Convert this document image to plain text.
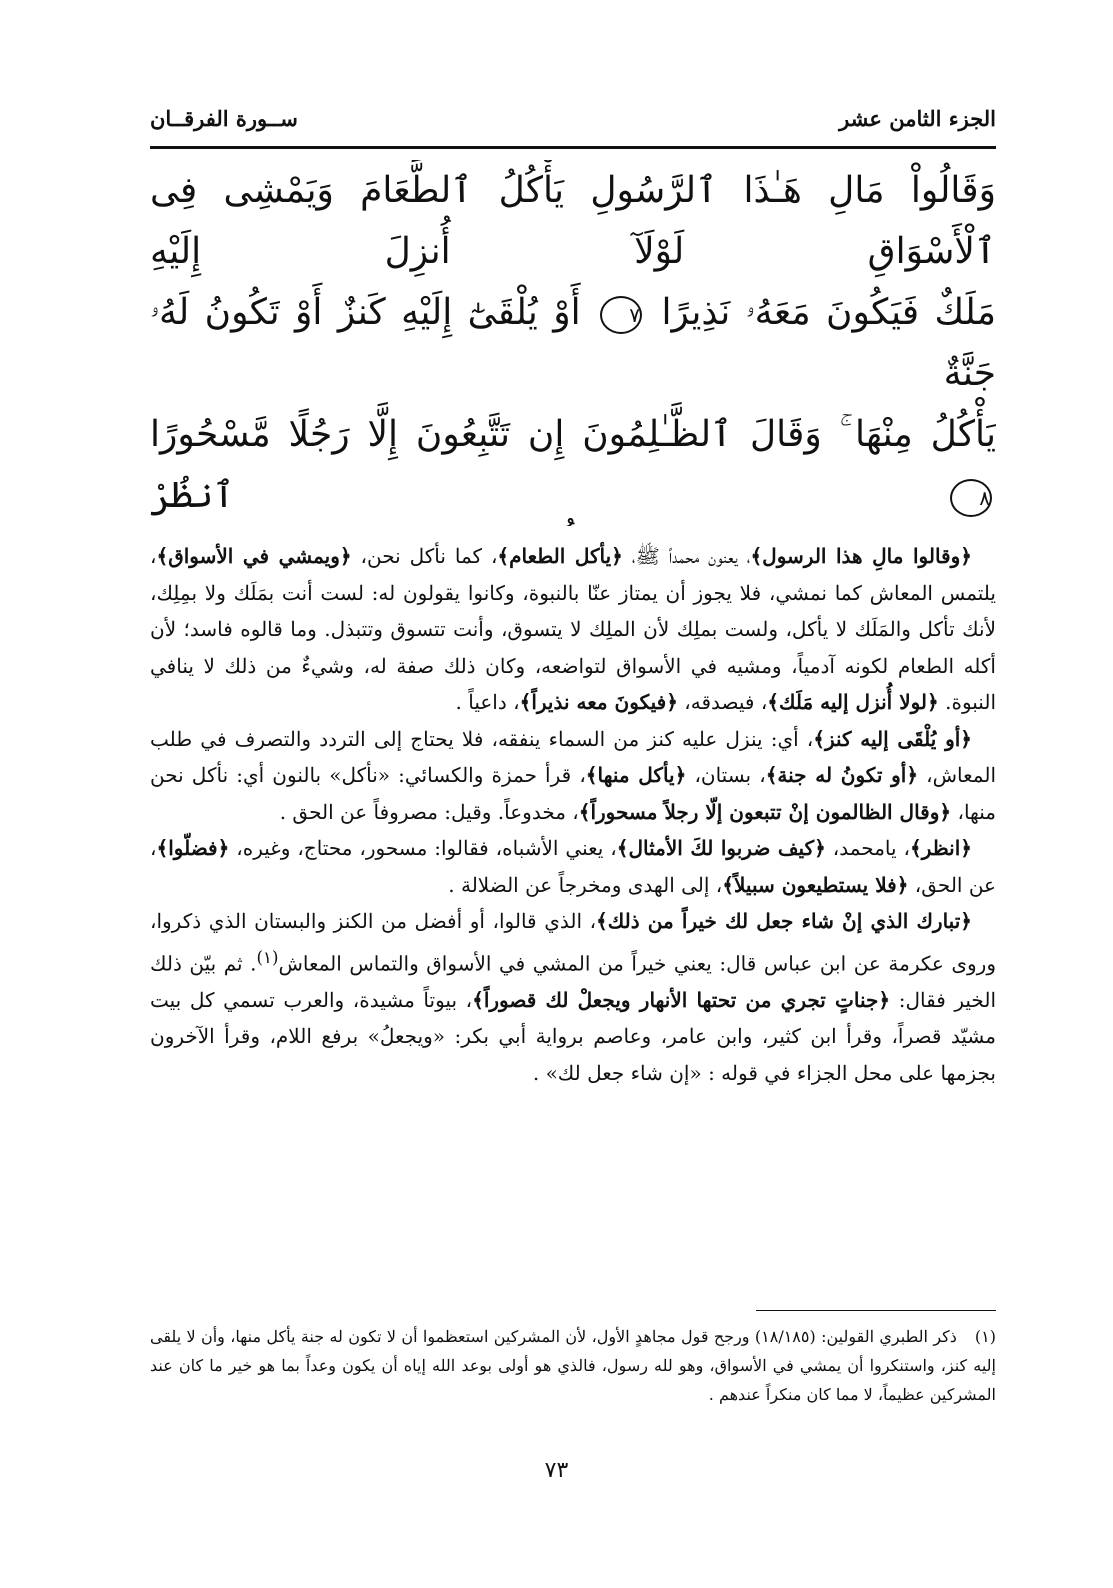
الجزء الثامن عشر
ســورة الفرقــان

وَقَالُواْ مَالِ هَـٰذَا ٱلرَّسُولِ يَأْكُلُ ٱلطَّعَامَ وَيَمْشِى فِى ٱلْأَسْوَاقِ لَوْلَآ أُنزِلَ إِلَيْهِ

مَلَكٌ فَيَكُونَ مَعَهُۥ نَذِيرًا ٧ أَوْ يُلْقَىٰٓ إِلَيْهِ كَنزٌ أَوْ تَكُونُ لَهُۥ جَنَّةٌ

يَأْكُلُ مِنْهَا ۚ وَقَالَ ٱلظَّـٰلِمُونَ إِن تَتَّبِعُونَ إِلَّا رَجُلًا مَّسْحُورًا ٨ ٱنظُرْ

﴿وقالوا مالِ هذا الرسول﴾، يعنون محمداً ﷺ، ﴿يأكل الطعام﴾، كما نأكل نحن، ﴿ويمشي في الأسواق﴾، يلتمس المعاش كما نمشي، فلا يجوز أن يمتاز عنّا بالنبوة، وكانوا يقولون له: لست أنت بمَلَك ولا بمِلِك، لأنك تأكل والمَلَك لا يأكل، ولست بملِك لأن الملِك لا يتسوق، وأنت تتسوق وتتبذل. وما قالوه فاسد؛ لأن أكله الطعام لكونه آدمياً، ومشيه في الأسواق لتواضعه، وكان ذلك صفة له، وشيءٌ من ذلك لا ينافي النبوة. ﴿لولا أُنزل إليه مَلَك﴾، فيصدقه، ﴿فيكونَ معه نذيراً﴾، داعياً .

﴿أو يُلْقَى إليه كنز﴾، أي: ينزل عليه كنز من السماء ينفقه، فلا يحتاج إلى التردد والتصرف في طلب المعاش، ﴿أو تكونُ له جنة﴾، بستان، ﴿يأكل منها﴾، قرأ حمزة والكسائي: «نأكل» بالنون أي: نأكل نحن منها، ﴿وقال الظالمون إنْ تتبعون إلّا رجلاً مسحوراً﴾، مخدوعاً. وقيل: مصروفاً عن الحق .

﴿انظر﴾، يامحمد، ﴿كيف ضربوا لكَ الأمثال﴾، يعني الأشباه، فقالوا: مسحور، محتاج، وغيره، ﴿فضلّوا﴾، عن الحق، ﴿فلا يستطيعون سبيلاً﴾، إلى الهدى ومخرجاً عن الضلالة .

﴿تبارك الذي إنْ شاء جعل لك خيراً من ذلك﴾، الذي قالوا، أو أفضل من الكنز والبستان الذي ذكروا، وروى عكرمة عن ابن عباس قال: يعني خيراً من المشي في الأسواق والتماس المعاش$^{(١)}$. ثم بيّن ذلك الخير فقال: ﴿جناتٍ تجري من تحتها الأنهار ويجعلْ لك قصوراً﴾، بيوتاً مشيدة، والعرب تسمي كل بيت مشيّد قصراً، وقرأ ابن كثير، وابن عامر، وعاصم برواية أبي بكر: «ويجعلُ» برفع اللام، وقرأ الآخرون بجزمها على محل الجزاء في قوله : «إن شاء جعل لك» .

(١)ذكر الطبري القولين: (١٨/١٨٥) ورجح قول مجاهدٍ الأول، لأن المشركين استعظموا أن لا تكون له جنة يأكل منها، وأن لا يلقى إليه كنز، واستنكروا أن يمشي في الأسواق، وهو لله رسول، فالذي هو أولى بوعد الله إياه أن يكون وعداً بما هو خير ما كان عند المشركين عظيماً، لا مما كان منكراً عندهم .
٧٣
